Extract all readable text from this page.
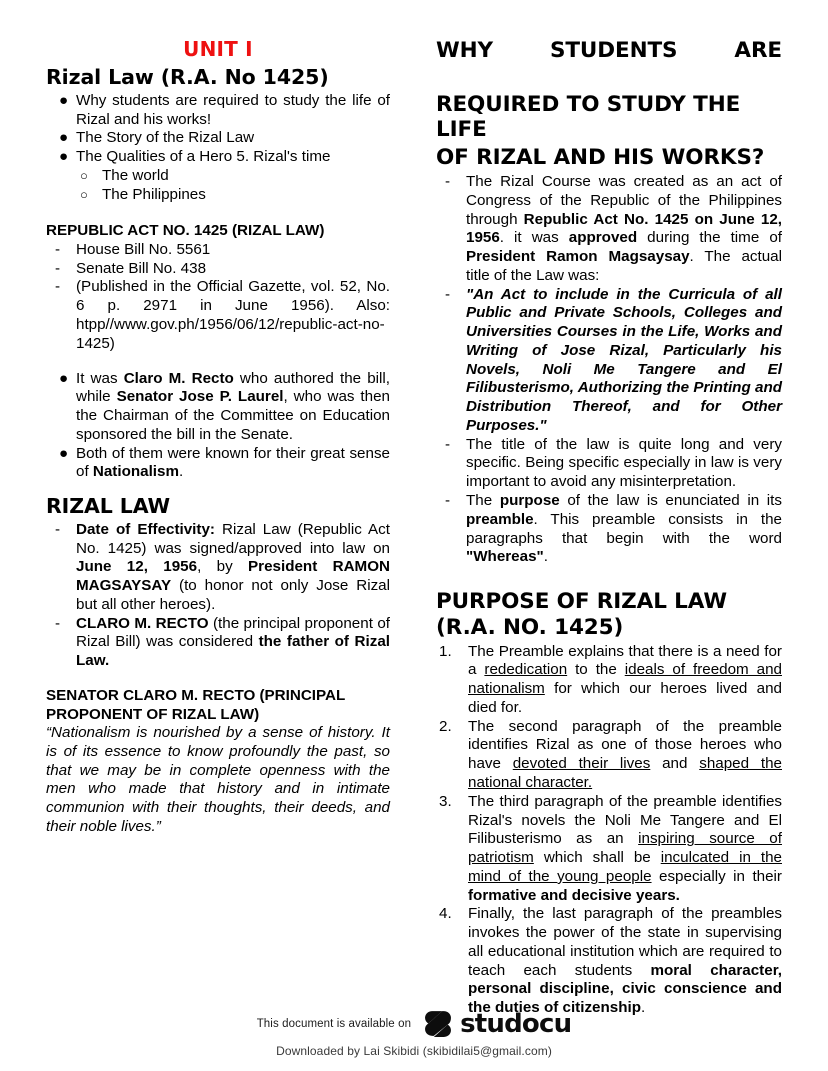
UNIT I
Rizal Law (R.A. No 1425)
● Why students are required to study the life of Rizal and his works!
● The Story of the Rizal Law
● The Qualities of a Hero 5. Rizal's time
○ The world
○ The Philippines
REPUBLIC ACT NO. 1425 (RIZAL LAW)
- House Bill No. 5561
- Senate Bill No. 438
- (Published in the Official Gazette, vol. 52, No. 6 p. 2971 in June 1956). Also: htpp//www.gov.ph/1956/06/12/republic-act-no-1425)
● It was Claro M. Recto who authored the bill, while Senator Jose P. Laurel, who was then the Chairman of the Committee on Education sponsored the bill in the Senate.
● Both of them were known for their great sense of Nationalism.
RIZAL LAW
- Date of Effectivity: Rizal Law (Republic Act No. 1425) was signed/approved into law on June 12, 1956, by President RAMON MAGSAYSAY (to honor not only Jose Rizal but all other heroes).
- CLARO M. RECTO (the principal proponent of Rizal Bill) was considered the father of Rizal Law.
SENATOR CLARO M. RECTO (PRINCIPAL PROPONENT OF RIZAL LAW)
“Nationalism is nourished by a sense of history. It is of its essence to know profoundly the past, so that we may be in complete openness with the men who made that history and in intimate communion with their thoughts, their deeds, and their noble lives.”
WHY STUDENTS ARE
REQUIRED TO STUDY THE LIFE
OF RIZAL AND HIS WORKS?
- The Rizal Course was created as an act of Congress of the Republic of the Philippines through Republic Act No. 1425 on June 12, 1956. it was approved during the time of President Ramon Magsaysay. The actual title of the Law was:
- "An Act to include in the Curricula of all Public and Private Schools, Colleges and Universities Courses in the Life, Works and Writing of Jose Rizal, Particularly his Novels, Noli Me Tangere and El Filibusterismo, Authorizing the Printing and Distribution Thereof, and for Other Purposes."
- The title of the law is quite long and very specific. Being specific especially in law is very important to avoid any misinterpretation.
- The purpose of the law is enunciated in its preamble. This preamble consists in the paragraphs that begin with the word "Whereas".
PURPOSE OF RIZAL LAW (R.A. NO. 1425)
1. The Preamble explains that there is a need for a rededication to the ideals of freedom and nationalism for which our heroes lived and died for.
2. The second paragraph of the preamble identifies Rizal as one of those heroes who have devoted their lives and shaped the national character.
3. The third paragraph of the preamble identifies Rizal's novels the Noli Me Tangere and El Filibusterismo as an inspiring source of patriotism which shall be inculcated in the mind of the young people especially in their formative and decisive years.
4. Finally, the last paragraph of the preambles invokes the power of the state in supervising all educational institution which are required to teach each students moral character, personal discipline, civic conscience and the duties of citizenship.
This document is available on studocu
Downloaded by Lai Skibidi (skibidilai5@gmail.com)
